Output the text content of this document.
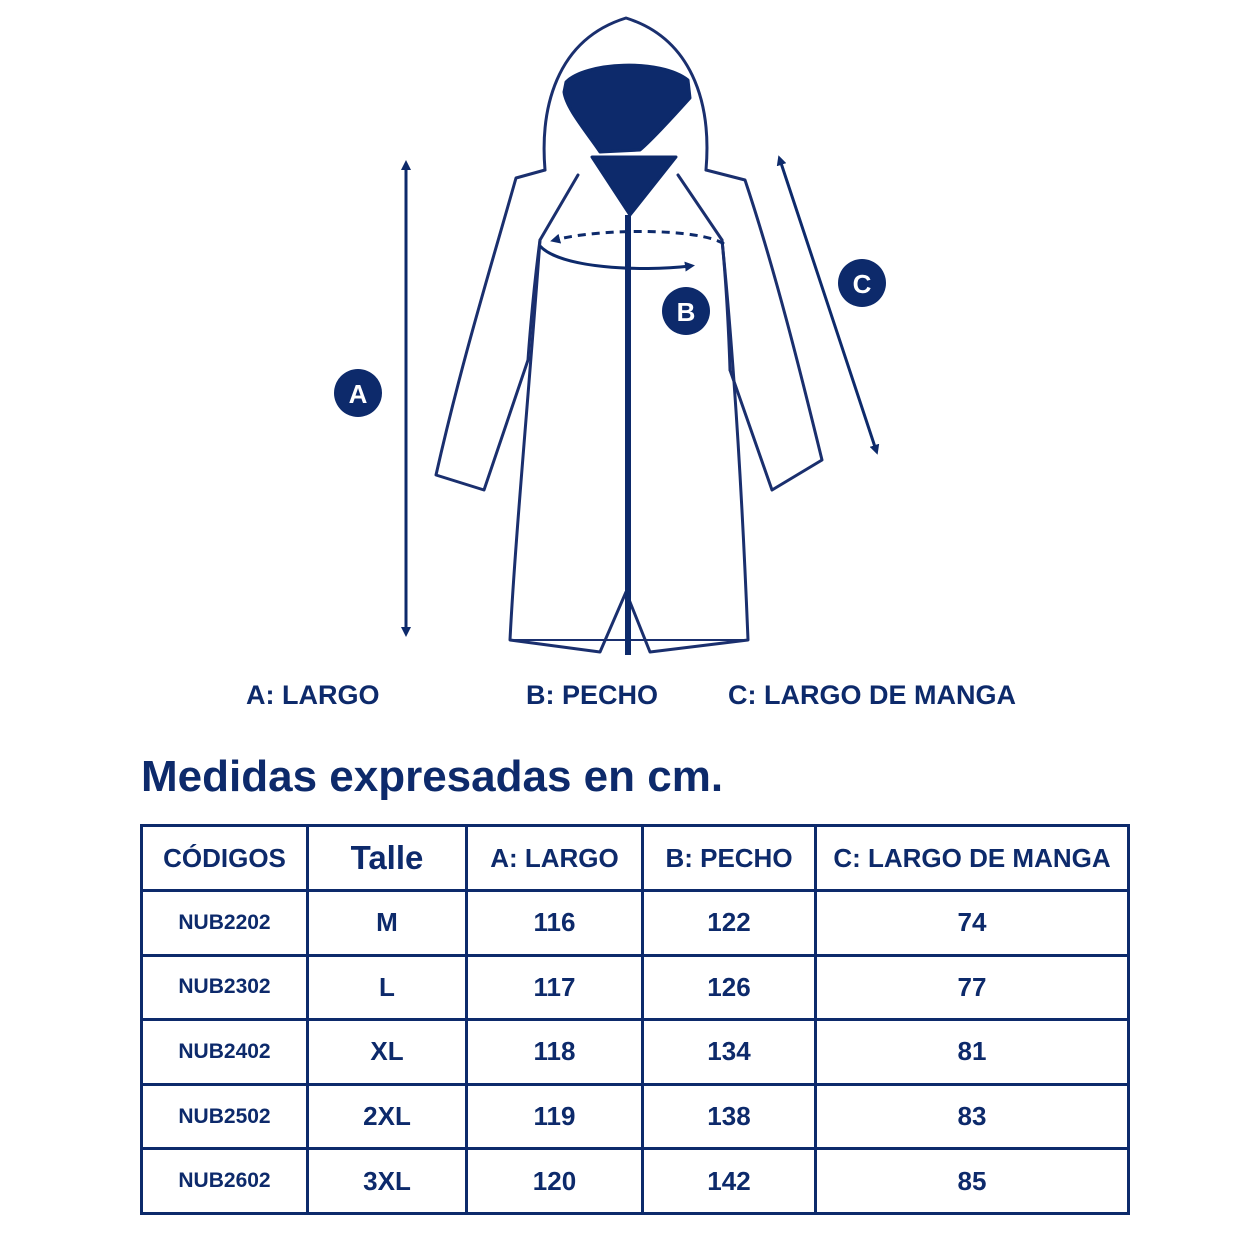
A
B
C
A: LARGO	B: PECHO	C: LARGO DE MANGA
Medidas expresadas en cm.
CÓDIGOS	Talle	A: LARGO	B: PECHO	C: LARGO DE MANGA
NUB2202	M	116	122	74
NUB2302	L	117	126	77
NUB2402	XL	118	134	81
NUB2502	2XL	119	138	83
NUB2602	3XL	120	142	85
